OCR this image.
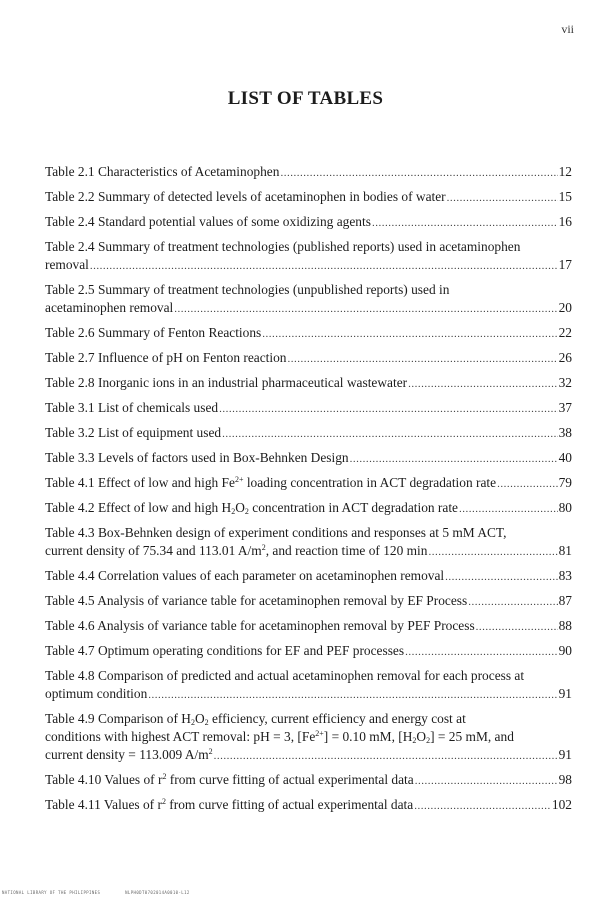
vii
LIST OF TABLES
Table 2.1 Characteristics of Acetaminophen .....	12
Table 2.2 Summary of detected levels of acetaminophen in bodies of water .....	15
Table 2.4 Standard potential values of some oxidizing agents .....	16
Table 2.4 Summary of treatment technologies (published reports) used in acetaminophen
removal .....	17
Table 2.5 Summary of treatment technologies (unpublished reports) used in
acetaminophen removal .....	20
Table 2.6 Summary of Fenton Reactions .....	22
Table 2.7 Influence of pH on Fenton reaction .....	26
Table 2.8 Inorganic ions in an industrial pharmaceutical wastewater .....	32
Table 3.1 List of chemicals used .....	37
Table 3.2 List of equipment used .....	38
Table 3.3 Levels of factors used in Box-Behnken Design .....	40
Table 4.1 Effect of low and high $Fe^{2+}$ loading concentration in ACT degradation rate .....	79
Table 4.2 Effect of low and high $H_2O_2$ concentration in ACT degradation rate .....	80
Table 4.3 Box-Behnken design of experiment conditions and responses at 5 mM ACT,
current density of 75.34 and 113.01 $A/m^2$, and reaction time of 120 min .....	81
Table 4.4 Correlation values of each parameter on acetaminophen removal .....	83
Table 4.5 Analysis of variance table for acetaminophen removal by EF Process .....	87
Table 4.6 Analysis of variance table for acetaminophen removal by PEF Process .....	88
Table 4.7 Optimum operating conditions for EF and PEF processes .....	90
Table 4.8 Comparison of predicted and actual acetaminophen removal for each process at
optimum condition .....	91
Table 4.9 Comparison of $H_2O_2$ efficiency, current efficiency and energy cost at
conditions with highest ACT removal: pH = 3, $[Fe^{2+}] = 0.10$ mM, $[H_2O_2] = 25$ mM, and
current density = 113.009 $A/m^2$ .....	91
Table 4.10 Values of $r^2$ from curve fitting of actual experimental data .....	98
Table 4.11 Values of $r^2$ from curve fitting of actual experimental data .....	102
NATIONAL LIBRARY OF THE PHILIPPINES	NLPH0DT0702014A0010-L12
